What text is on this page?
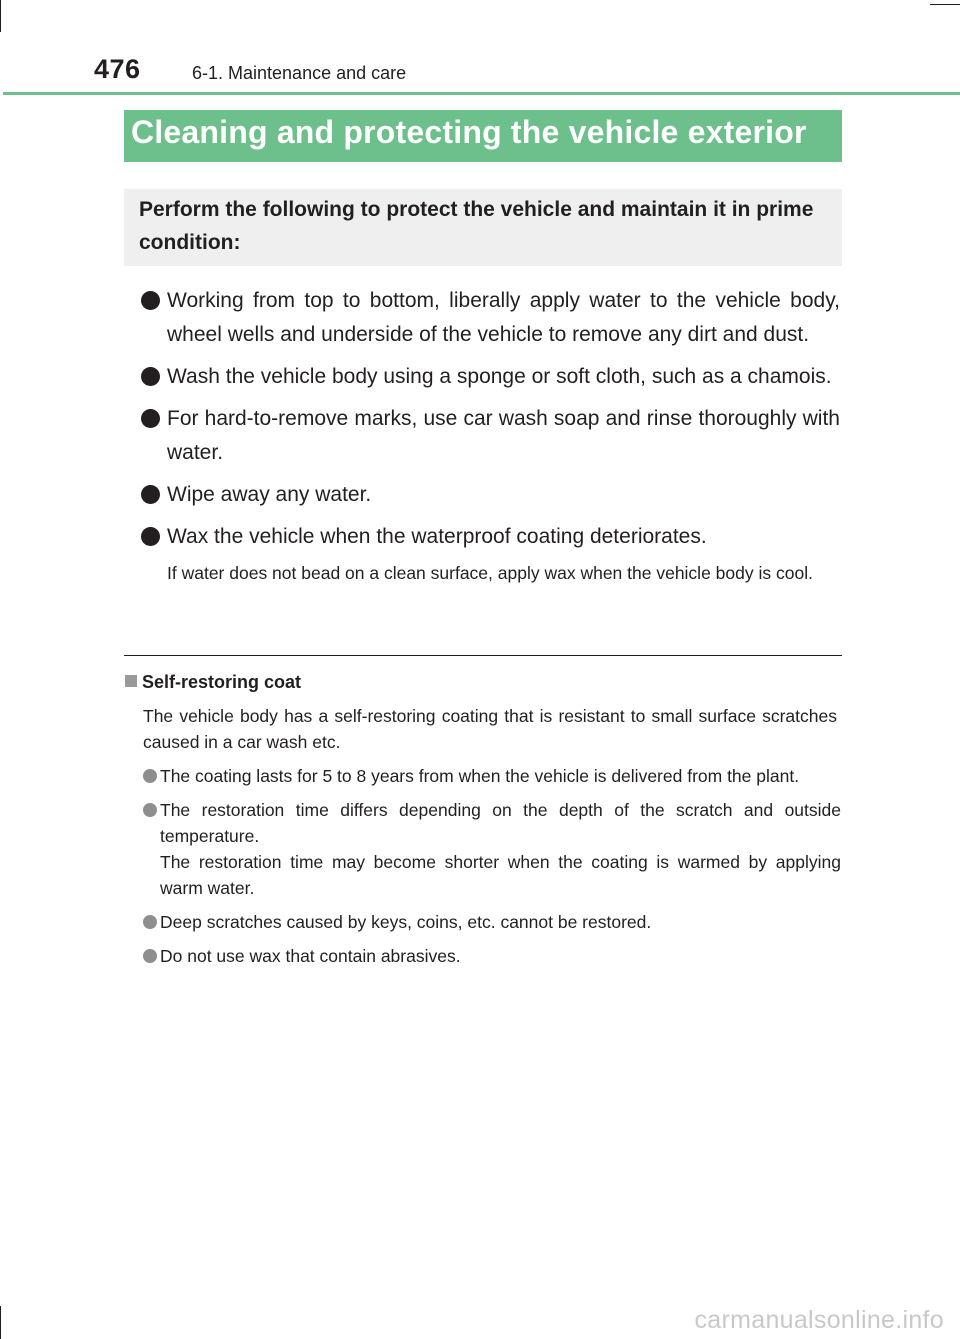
476	6-1. Maintenance and care
Cleaning and protecting the vehicle exterior

Perform the following to protect the vehicle and maintain it in prime condition:

Working from top to bottom, liberally apply water to the vehicle body, wheel wells and underside of the vehicle to remove any dirt and dust.
Wash the vehicle body using a sponge or soft cloth, such as a chamois.
For hard-to-remove marks, use car wash soap and rinse thoroughly with water.
Wipe away any water.
Wax the vehicle when the waterproof coating deteriorates.
If water does not bead on a clean surface, apply wax when the vehicle body is cool.
Self-restoring coat

The vehicle body has a self-restoring coating that is resistant to small surface scratches caused in a car wash etc.

The coating lasts for 5 to 8 years from when the vehicle is delivered from the plant.
The restoration time differs depending on the depth of the scratch and outside temperature.
The restoration time may become shorter when the coating is warmed by applying warm water.
Deep scratches caused by keys, coins, etc. cannot be restored.
Do not use wax that contain abrasives.
carmanualsonline.info
